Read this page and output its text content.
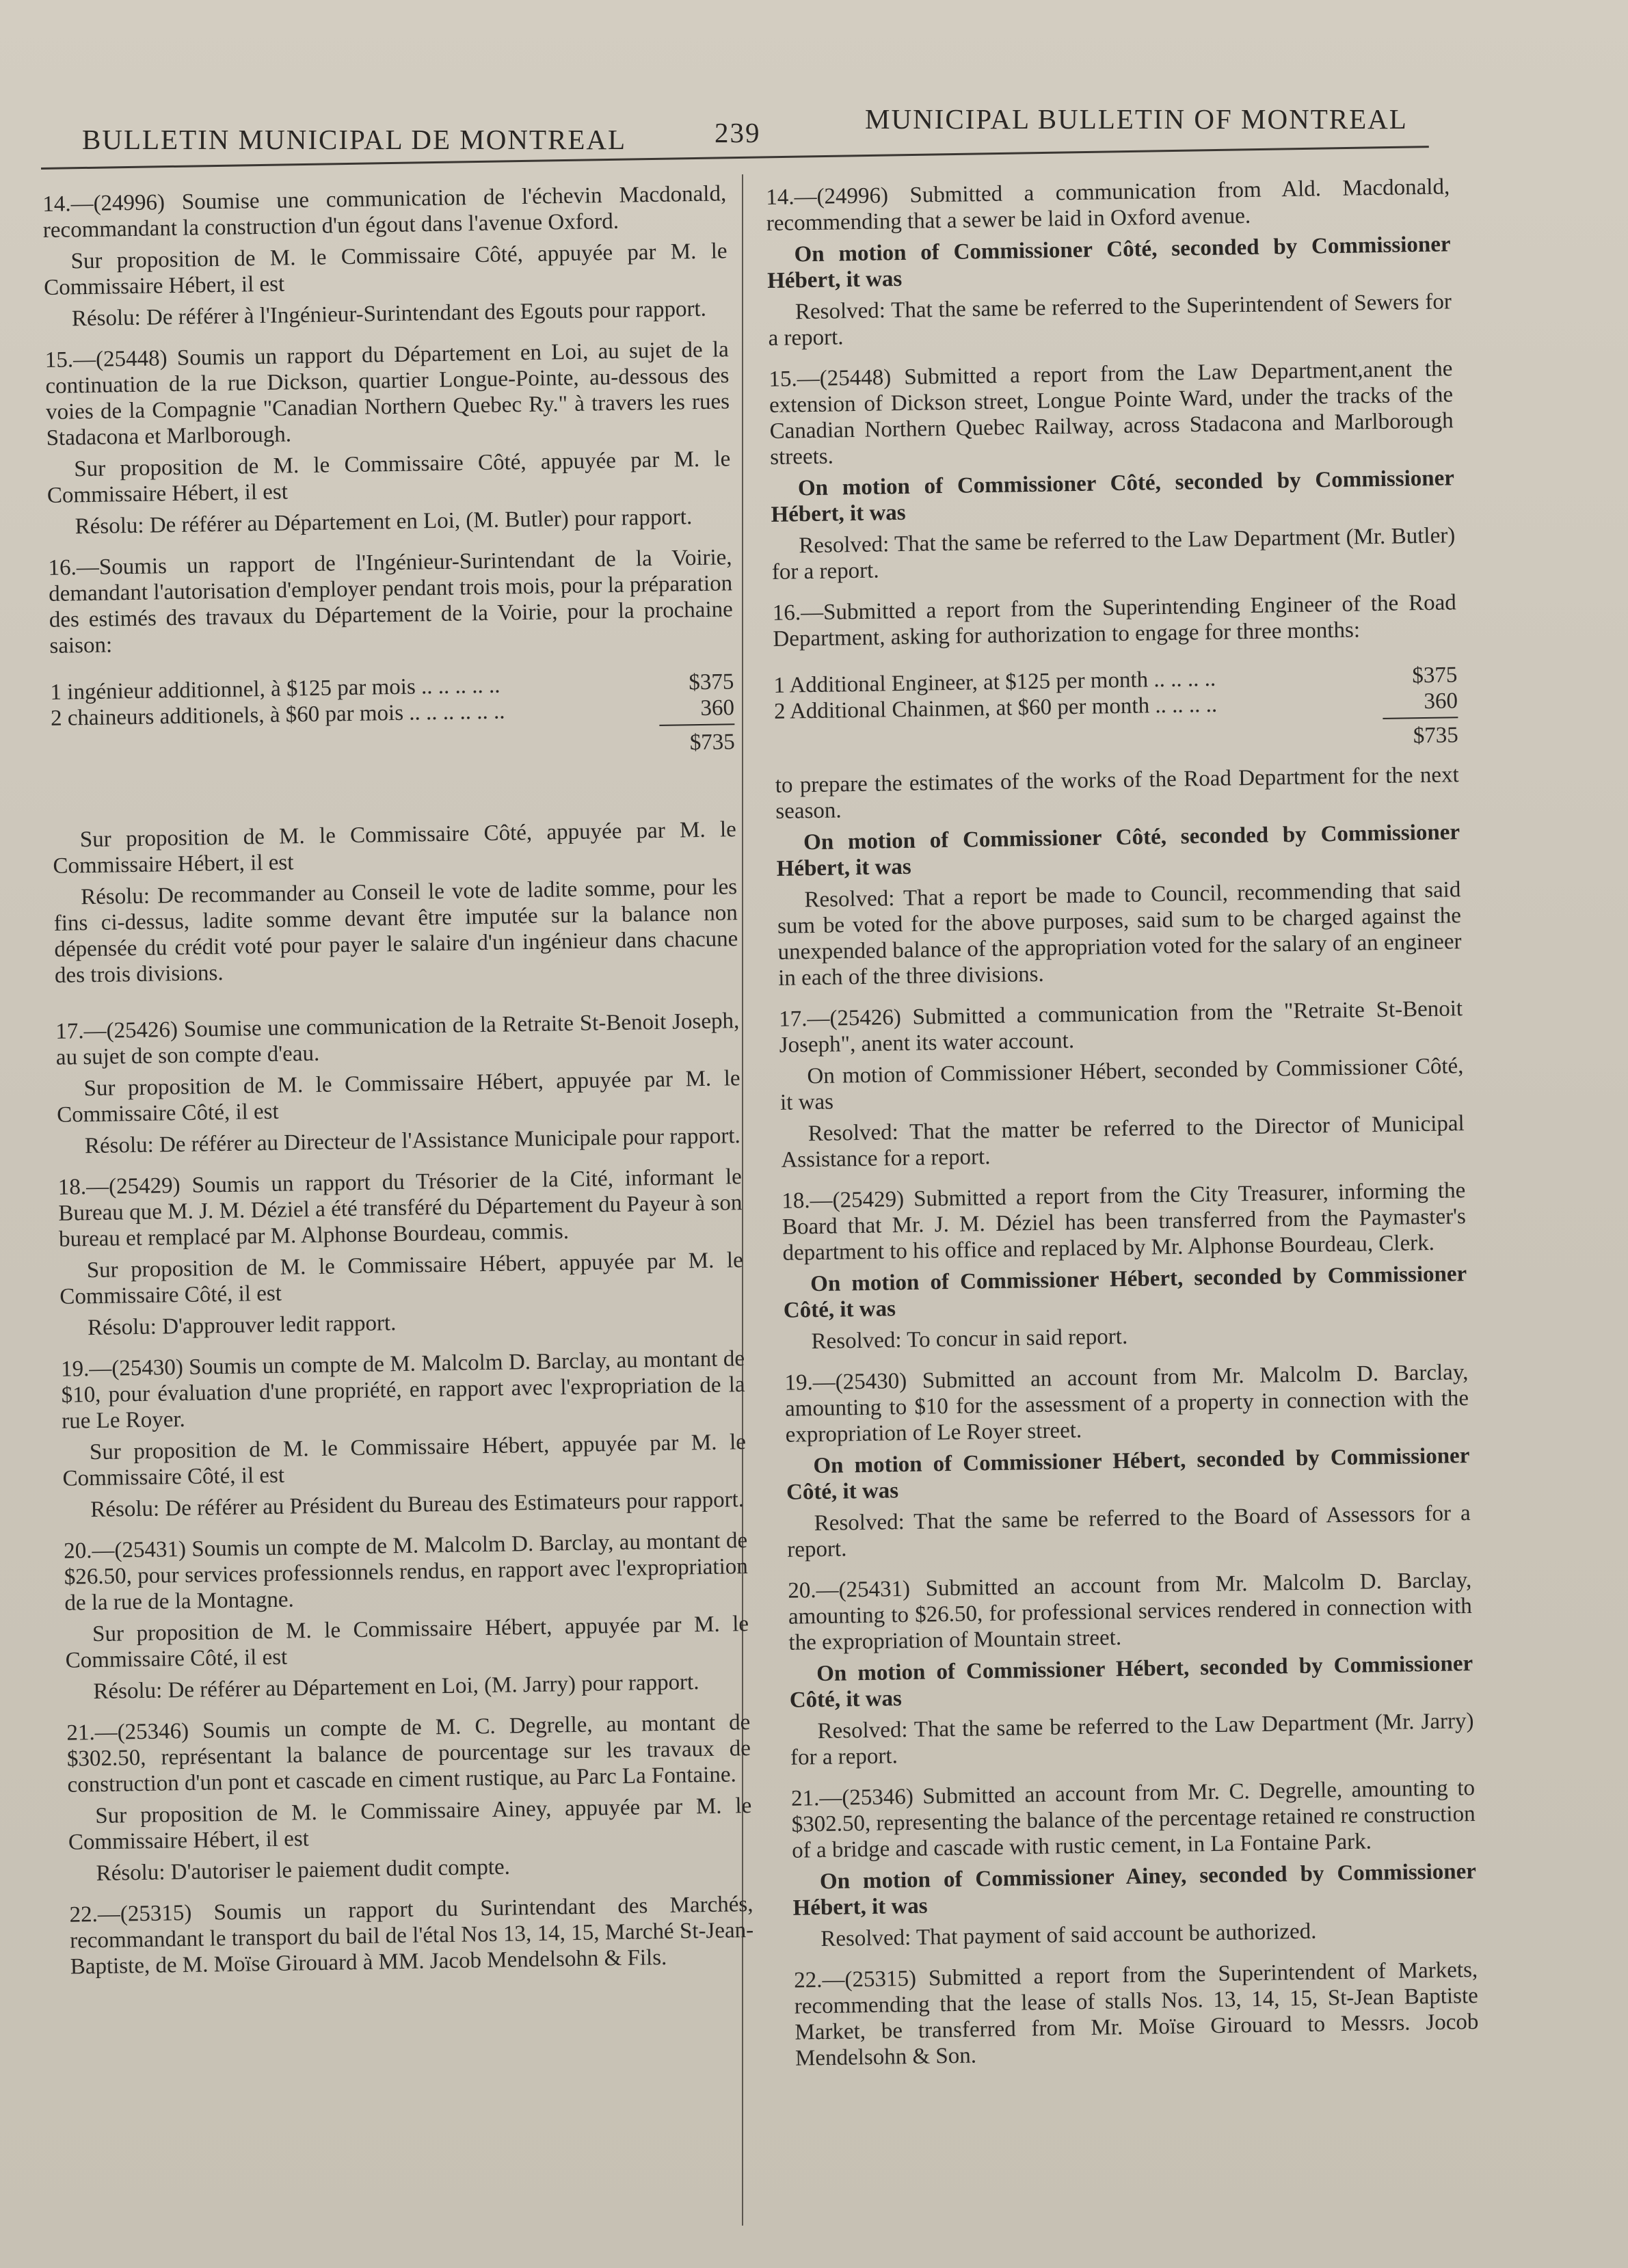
BULLETIN MUNICIPAL DE MONTREAL	239	MUNICIPAL BULLETIN OF MONTREAL

14.—(24996) Soumise une communication de l'échevin Macdonald, recommandant la construction d'un égout dans l'avenue Oxford.

Sur proposition de M. le Commissaire Côté, appuyée par M. le Commissaire Hébert, il est

Résolu: De référer à l'Ingénieur-Surintendant des Egouts pour rapport.

15.—(25448) Soumis un rapport du Département en Loi, au sujet de la continuation de la rue Dickson, quartier Longue-Pointe, au-dessous des voies de la Compagnie "Canadian Northern Quebec Ry." à travers les rues Stadacona et Marlborough.

Sur proposition de M. le Commissaire Côté, appuyée par M. le Commissaire Hébert, il est

Résolu: De référer au Département en Loi, (M. Butler) pour rapport.

16.—Soumis un rapport de l'Ingénieur-Surintendant de la Voirie, demandant l'autorisation d'employer pendant trois mois, pour la préparation des estimés des travaux du Département de la Voirie, pour la prochaine saison:

1 ingénieur additionnel, à $125 par mois .. .. .. .. ..	$375
2 chaineurs additionels, à $60 par mois .. .. .. .. .. ..	360
$735

Sur proposition de M. le Commissaire Côté, appuyée par M. le Commissaire Hébert, il est

Résolu: De recommander au Conseil le vote de ladite somme, pour les fins ci-dessus, ladite somme devant être imputée sur la balance non dépensée du crédit voté pour payer le salaire d'un ingénieur dans chacune des trois divisions.

17.—(25426) Soumise une communication de la Retraite St-Benoit Joseph, au sujet de son compte d'eau.

Sur proposition de M. le Commissaire Hébert, appuyée par M. le Commissaire Côté, il est

Résolu: De référer au Directeur de l'Assistance Municipale pour rapport.

18.—(25429) Soumis un rapport du Trésorier de la Cité, informant le Bureau que M. J. M. Déziel a été transféré du Département du Payeur à son bureau et remplacé par M. Alphonse Bourdeau, commis.

Sur proposition de M. le Commissaire Hébert, appuyée par M. le Commissaire Côté, il est

Résolu: D'approuver ledit rapport.

19.—(25430) Soumis un compte de M. Malcolm D. Barclay, au montant de $10, pour évaluation d'une propriété, en rapport avec l'expropriation de la rue Le Royer.

Sur proposition de M. le Commissaire Hébert, appuyée par M. le Commissaire Côté, il est

Résolu: De référer au Président du Bureau des Estimateurs pour rapport.

20.—(25431) Soumis un compte de M. Malcolm D. Barclay, au montant de $26.50, pour services professionnels rendus, en rapport avec l'expropriation de la rue de la Montagne.

Sur proposition de M. le Commissaire Hébert, appuyée par M. le Commissaire Côté, il est

Résolu: De référer au Département en Loi, (M. Jarry) pour rapport.

21.—(25346) Soumis un compte de M. C. Degrelle, au montant de $302.50, représentant la balance de pourcentage sur les travaux de construction d'un pont et cascade en ciment rustique, au Parc La Fontaine.

Sur proposition de M. le Commissaire Ainey, appuyée par M. le Commissaire Hébert, il est

Résolu: D'autoriser le paiement dudit compte.

22.—(25315) Soumis un rapport du Surintendant des Marchés, recommandant le transport du bail de l'étal Nos 13, 14, 15, Marché St-Jean-Baptiste, de M. Moïse Girouard à MM. Jacob Mendelsohn & Fils.

14.—(24996) Submitted a communication from Ald. Macdonald, recommending that a sewer be laid in Oxford avenue.

On motion of Commissioner Côté, seconded by Commissioner Hébert, it was

Resolved: That the same be referred to the Superintendent of Sewers for a report.

15.—(25448) Submitted a report from the Law Department,anent the extension of Dickson street, Longue Pointe Ward, under the tracks of the Canadian Northern Quebec Railway, across Stadacona and Marlborough streets.

On motion of Commissioner Côté, seconded by Commissioner Hébert, it was

Resolved: That the same be referred to the Law Department (Mr. Butler) for a report.

16.—Submitted a report from the Superintending Engineer of the Road Department, asking for authorization to engage for three months:

1 Additional Engineer, at $125 per month .. .. .. ..	$375
2 Additional Chainmen, at $60 per month .. .. .. ..	360
$735

to prepare the estimates of the works of the Road Department for the next season.

On motion of Commissioner Côté, seconded by Commissioner Hébert, it was

Resolved: That a report be made to Council, recommending that said sum be voted for the above purposes, said sum to be charged against the unexpended balance of the appropriation voted for the salary of an engineer in each of the three divisions.

17.—(25426) Submitted a communication from the "Retraite St-Benoit Joseph", anent its water account.

On motion of Commissioner Hébert, seconded by Commissioner Côté, it was

Resolved: That the matter be referred to the Director of Municipal Assistance for a report.

18.—(25429) Submitted a report from the City Treasurer, informing the Board that Mr. J. M. Déziel has been transferred from the Paymaster's department to his office and replaced by Mr. Alphonse Bourdeau, Clerk.

On motion of Commissioner Hébert, seconded by Commissioner Côté, it was

Resolved: To concur in said report.

19.—(25430) Submitted an account from Mr. Malcolm D. Barclay, amounting to $10 for the assessment of a property in connection with the expropriation of Le Royer street.

On motion of Commissioner Hébert, seconded by Commissioner Côté, it was

Resolved: That the same be referred to the Board of Assessors for a report.

20.—(25431) Submitted an account from Mr. Malcolm D. Barclay, amounting to $26.50, for professional services rendered in connection with the expropriation of Mountain street.

On motion of Commissioner Hébert, seconded by Commissioner Côté, it was

Resolved: That the same be referred to the Law Department (Mr. Jarry) for a report.

21.—(25346) Submitted an account from Mr. C. Degrelle, amounting to $302.50, representing the balance of the percentage retained re construction of a bridge and cascade with rustic cement, in La Fontaine Park.

On motion of Commissioner Ainey, seconded by Commissioner Hébert, it was

Resolved: That payment of said account be authorized.

22.—(25315) Submitted a report from the Superintendent of Markets, recommending that the lease of stalls Nos. 13, 14, 15, St-Jean Baptiste Market, be transferred from Mr. Moïse Girouard to Messrs. Jocob Mendelsohn & Son.
